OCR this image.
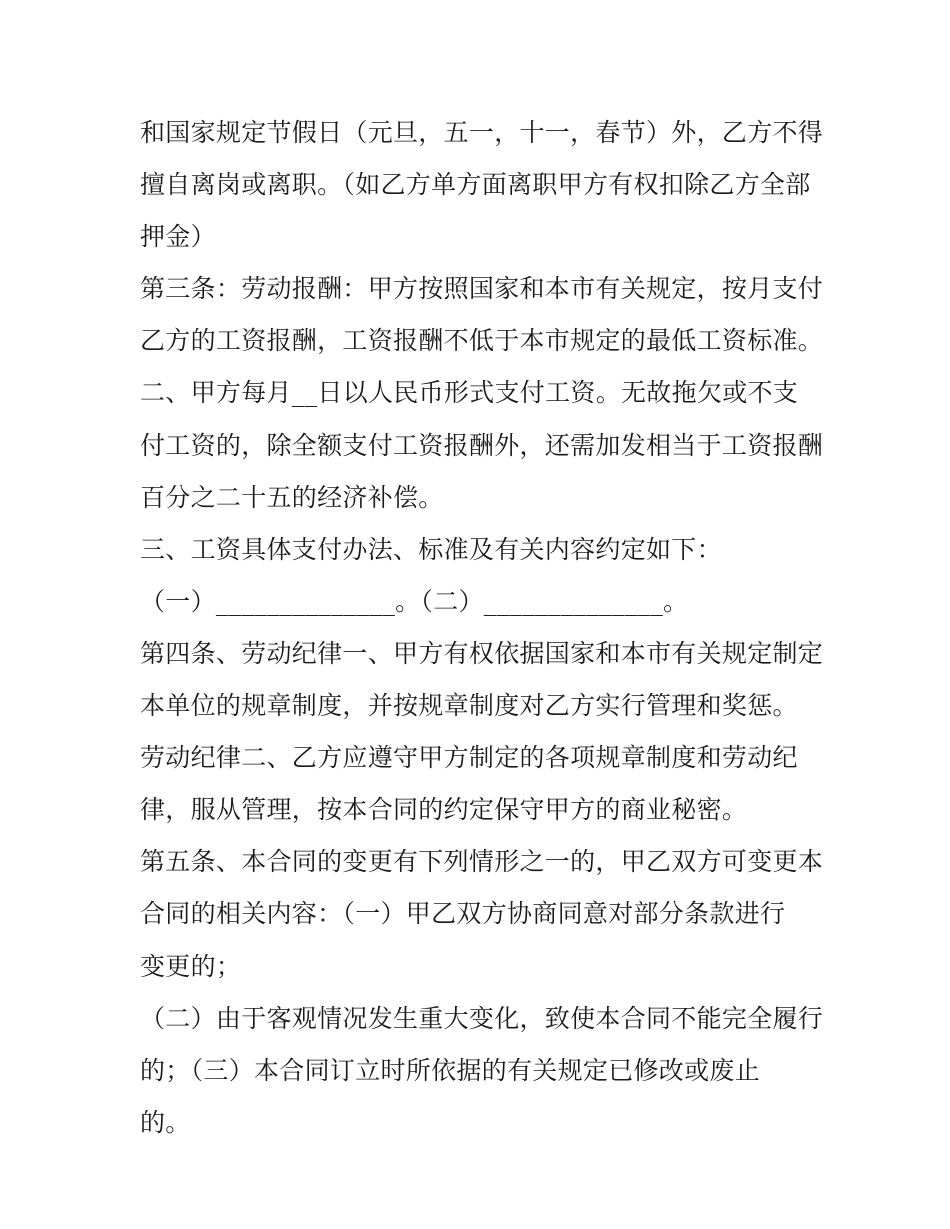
和国家规定节假日（元旦，五一，十一，春节）外，乙方不得
擅自离岗或离职。（如乙方单方面离职甲方有权扣除乙方全部
押金）
第三条：劳动报酬：甲方按照国家和本市有关规定，按月支付
乙方的工资报酬，工资报酬不低于本市规定的最低工资标准。
二、甲方每月__日以人民币形式支付工资。无故拖欠或不支
付工资的，除全额支付工资报酬外，还需加发相当于工资报酬
百分之二十五的经济补偿。
三、工资具体支付办法、标准及有关内容约定如下：
（一）______________。（二）______________。
第四条、劳动纪律一、甲方有权依据国家和本市有关规定制定
本单位的规章制度，并按规章制度对乙方实行管理和奖惩。
劳动纪律二、乙方应遵守甲方制定的各项规章制度和劳动纪
律，服从管理，按本合同的约定保守甲方的商业秘密。
第五条、本合同的变更有下列情形之一的，甲乙双方可变更本
合同的相关内容：（一）甲乙双方协商同意对部分条款进行
变更的；
（二）由于客观情况发生重大变化，致使本合同不能完全履行
的；（三）本合同订立时所依据的有关规定已修改或废止
的。
